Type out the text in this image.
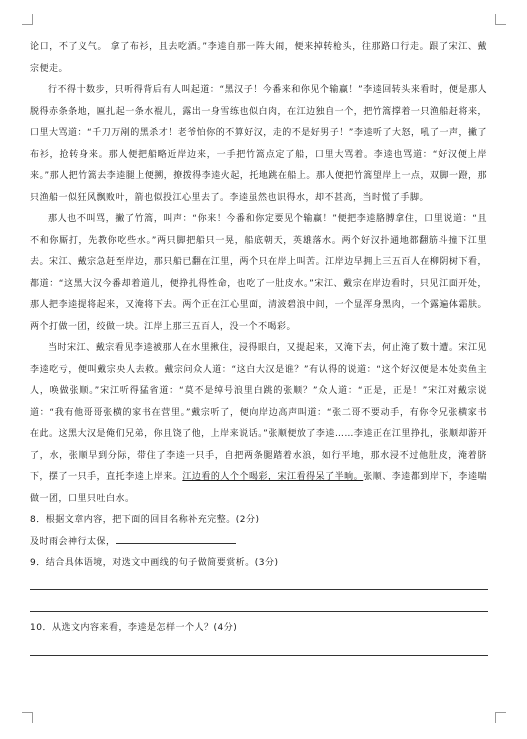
论口，不了义气。 拿了布衫，且去吃酒。”李逵自那一阵大闹，便来掉转枪头，往那路口行走。跟了宋江、戴宗便走。

行不得十数步，只听得背后有人叫起道：“黑汉子！今番来和你见个输赢！”李逵回转头来看时，便是那人脱得赤条条地，匾扎起一条水裩儿，露出一身雪练也似白肉，在江边独自一个，把竹篙撑着一只渔船赶将来，口里大骂道：“千刀万剐的黑杀才！老爷怕你的不算好汉，走的不是好男子！”李逵听了大怒，吼了一声，撇了布衫，抢转身来。那人便把船略近岸边来，一手把竹篙点定了船，口里大骂着。李逵也骂道：“好汉便上岸来。”那人把竹篙去李逵腿上便搠，撩拨得李逵火起，托地跳在船上。那人便把竹篙望岸上一点，双脚一蹬，那只渔船一似狂风飘败叶，箭也似投江心里去了。李逵虽然也识得水，却不甚高，当时慌了手脚。

那人也不叫骂，撇了竹篙，叫声：“你来！今番和你定要见个输赢！”便把李逵胳膊拿住，口里说道：“且不和你厮打，先教你吃些水。”两只脚把船只一晃，船底朝天，英雄落水。两个好汉扑通地都翻筋斗撞下江里去。宋江、戴宗急赶至岸边，那只船已翻在江里，两个只在岸上叫苦。江岸边早拥上三五百人在柳阴树下看，都道：“这黑大汉今番却着道儿，便挣扎得性命，也吃了一肚皮水。”宋江、戴宗在岸边看时，只见江面开处，那人把李逵提将起来，又淹将下去。两个正在江心里面，清波碧浪中间，一个显浑身黑肉，一个露遍体霜肤。两个打做一团，绞做一块。江岸上那三五百人，没一个不喝彩。

当时宋江、戴宗看见李逵被那人在水里揪住，浸得眼白，又提起来，又淹下去，何止淹了数十遭。宋江见李逵吃亏，便叫戴宗央人去救。戴宗问众人道：“这白大汉是谁？”有认得的说道：“这个好汉便是本处卖鱼主人，唤做张顺。”宋江听得猛省道：“莫不是绰号浪里白跳的张顺？”众人道：“正是，正是！”宋江对戴宗说道：“我有他哥哥张横的家书在营里。”戴宗听了，便向岸边高声叫道：“张二哥不要动手，有你令兄张横家书在此。这黑大汉是俺们兄弟，你且饶了他，上岸来说话。”张顺便放了李逵……李逵正在江里挣扎，张顺却游开了，水，张顺早到分际，带住了李逵一只手，自把两条腿踏着水浪，如行平地，那水浸不过他肚皮，淹着脐下，摆了一只手，直托李逵上岸来。江边看的人个个喝彩，宋江看得呆了半晌。张顺、李逵都到岸下，李逵喘做一团，口里只吐白水。

8．根据文章内容，把下面的回目名称补充完整。(2分)

及时雨会神行太保，

9．结合具体语境，对选文中画线的句子做简要赏析。(3分)

10．从选文内容来看，李逵是怎样一个人？(4分)
